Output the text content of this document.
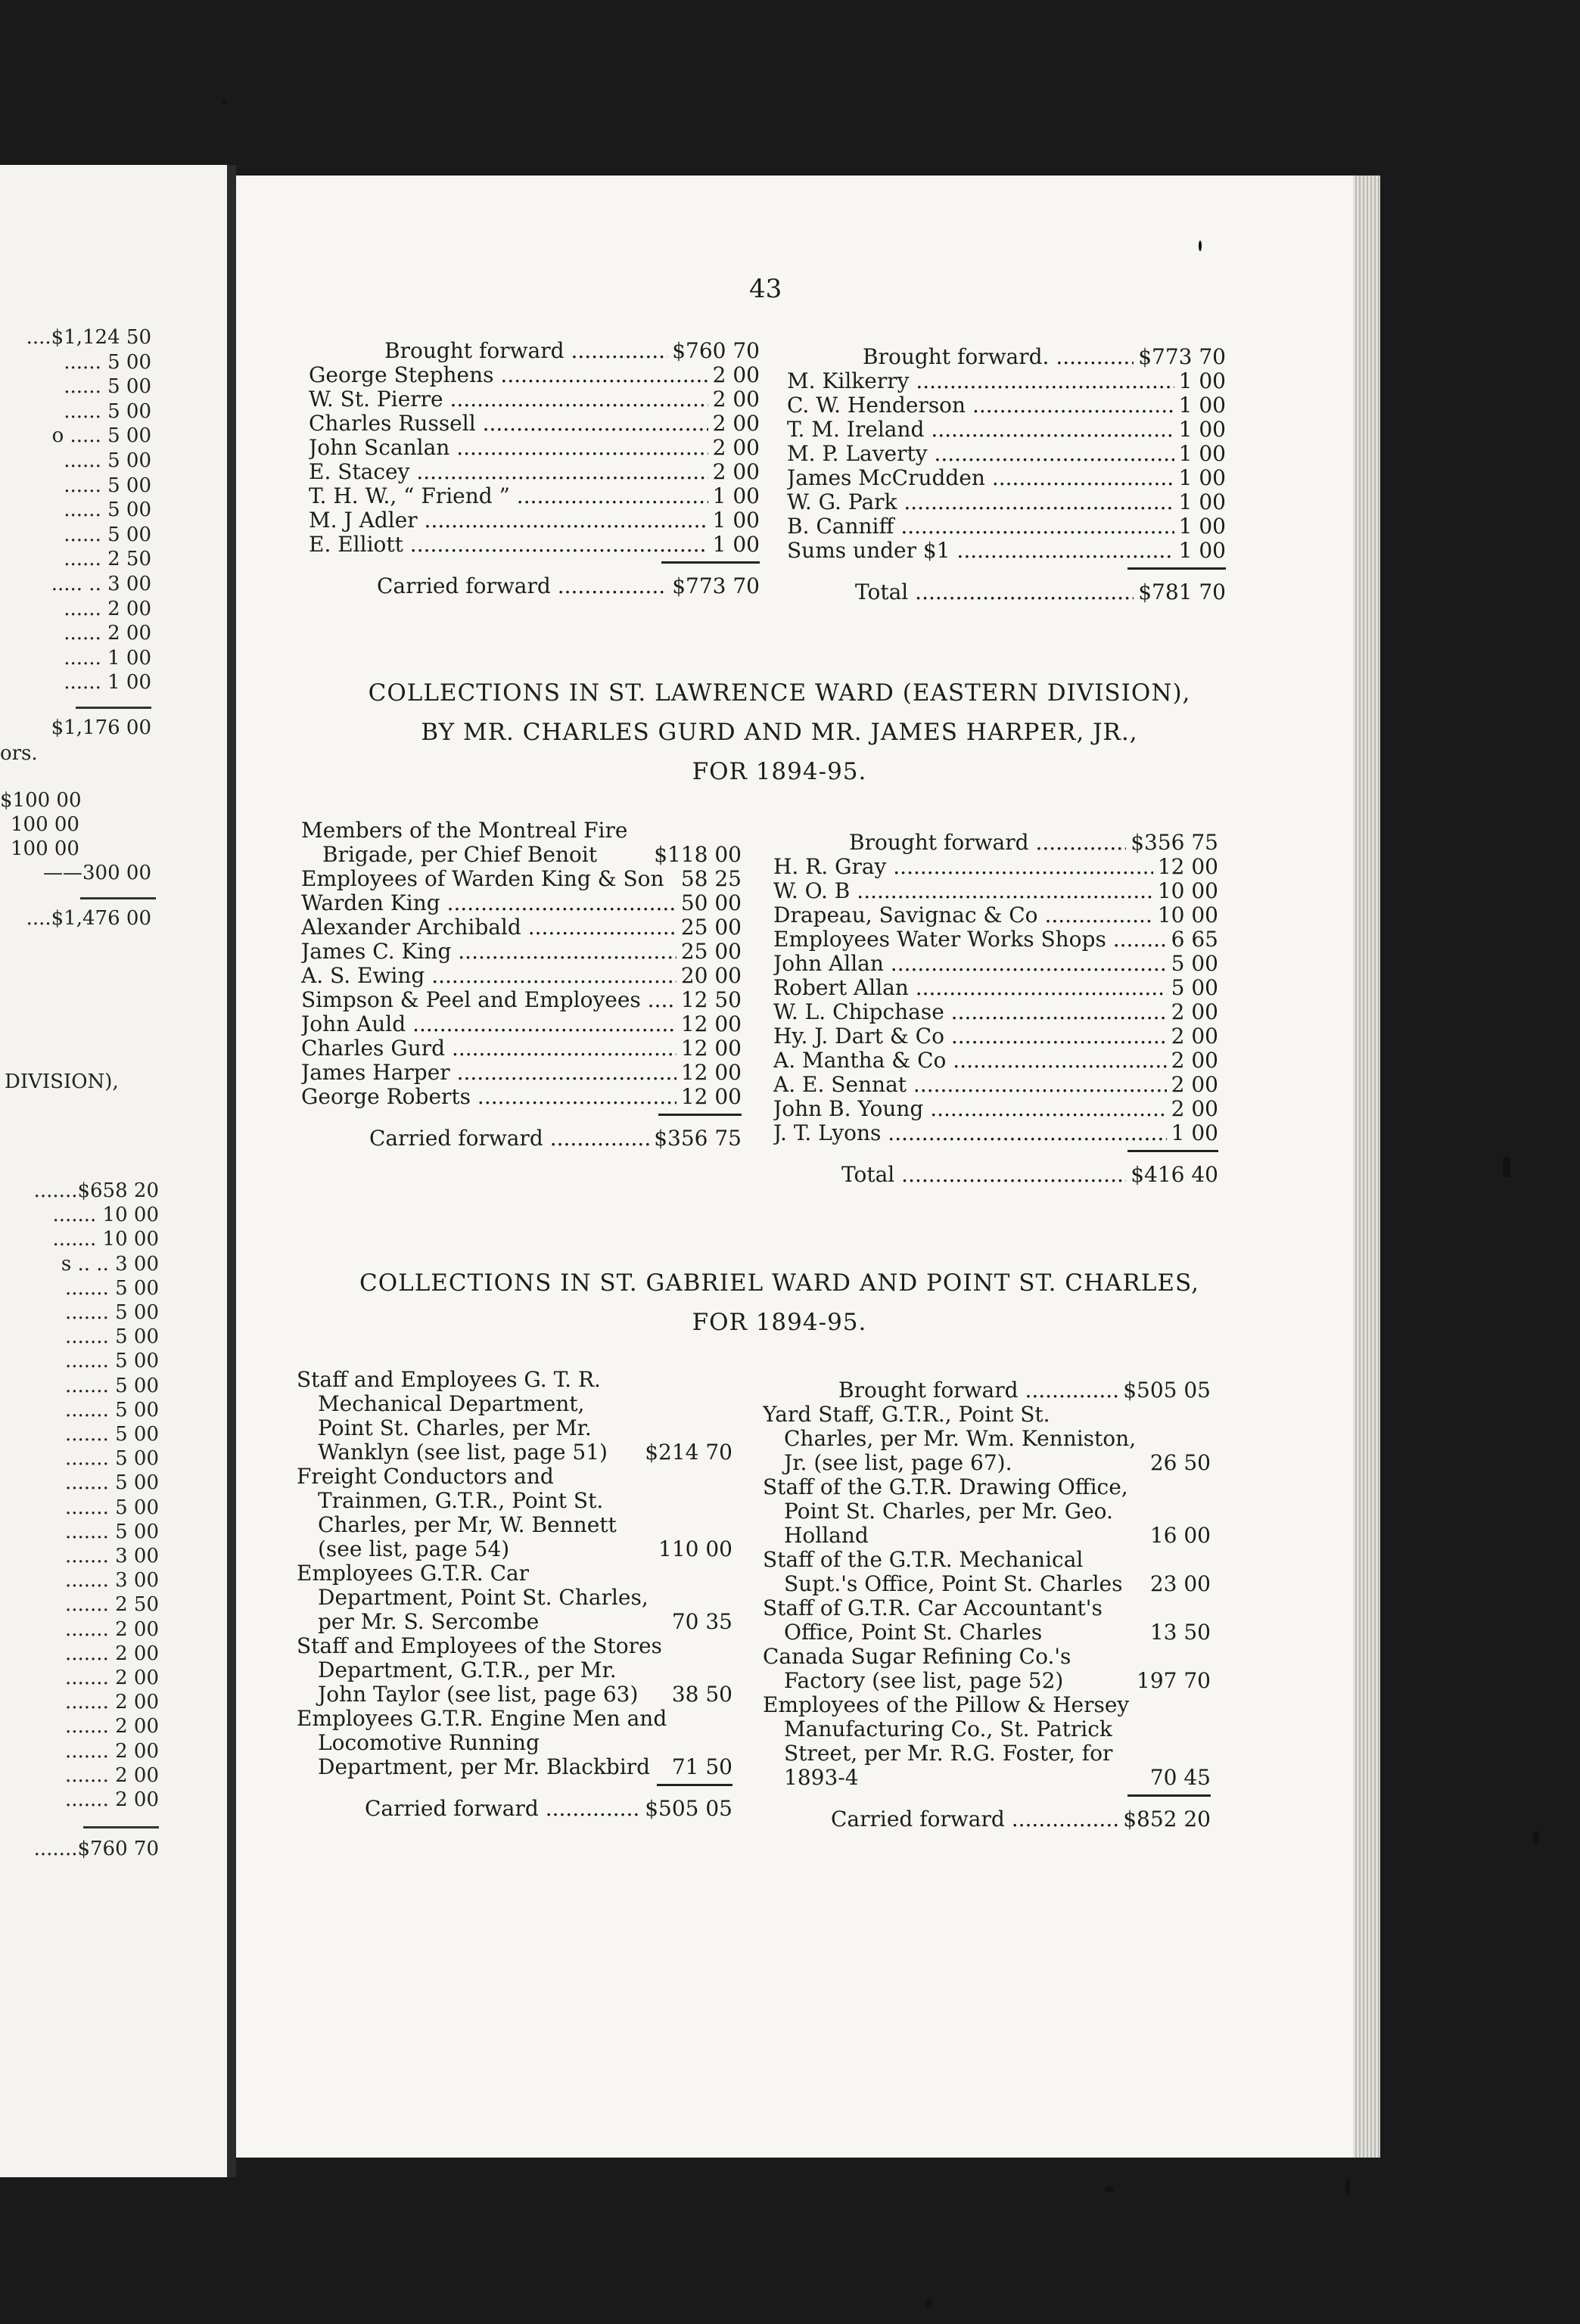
....$1,124 50
...... 5 00
...... 5 00
...... 5 00
o ..... 5 00
...... 5 00
...... 5 00
...... 5 00
...... 5 00
...... 2 50
..... .. 3 00
...... 2 00
...... 2 00
...... 1 00
...... 1 00
$1,176 00
ors.
$100 00
100 00
100 00
——300 00
....$1,476 00
DIVISION),
.......$658 20
....... 10 00
....... 10 00
s .. .. 3 00
....... 5 00
....... 5 00
....... 5 00
....... 5 00
....... 5 00
....... 5 00
....... 5 00
....... 5 00
....... 5 00
....... 5 00
....... 5 00
....... 3 00
....... 3 00
....... 2 50
....... 2 00
....... 2 00
....... 2 00
....... 2 00
....... 2 00
....... 2 00
....... 2 00
....... 2 00
.......$760 70
43
Brought forward .....	$760 70
George Stephens .....	2 00
W. St. Pierre .....	2 00
Charles Russell .....	2 00
John Scanlan .....	2 00
E. Stacey .....	2 00
T. H. W., “ Friend ” .....	1 00
M. J Adler .....	1 00
E. Elliott .....	1 00
Carried forward .....	$773 70
Brought forward. .....	$773 70
M. Kilkerry .....	1 00
C. W. Henderson .....	1 00
T. M. Ireland .....	1 00
M. P. Laverty .....	1 00
James McCrudden .....	1 00
W. G. Park .....	1 00
B. Canniff .....	1 00
Sums under $1 .....	1 00
Total .....	$781 70
COLLECTIONS IN ST. LAWRENCE WARD (EASTERN DIVISION),
BY MR. CHARLES GURD AND MR. JAMES HARPER, JR.,
FOR 1894-95.
Members of the Montreal Fire Brigade, per Chief Benoit	$118 00
Employees of Warden King & Son 58 25
Warden King .....	50 00
Alexander Archibald .....	25 00
James C. King .....	25 00
A. S. Ewing .....	20 00
Simpson & Peel and Employees .....	12 50
John Auld .....	12 00
Charles Gurd .....	12 00
James Harper .....	12 00
George Roberts .....	12 00
Carried forward .....	$356 75
Brought forward .....	$356 75
H. R. Gray .....	12 00
W. O. B .....	10 00
Drapeau, Savignac & Co .....	10 00
Employees Water Works Shops .....	6 65
John Allan .....	5 00
Robert Allan .....	5 00
W. L. Chipchase .....	2 00
Hy. J. Dart & Co .....	2 00
A. Mantha & Co .....	2 00
A. E. Sennat .....	2 00
John B. Young .....	2 00
J. T. Lyons .....	1 00
Total .....	$416 40
COLLECTIONS IN ST. GABRIEL WARD AND POINT ST. CHARLES,
FOR 1894-95.
Staff and Employees G. T. R. Mechanical Department, Point St. Charles, per Mr. Wanklyn (see list, page 51)	$214 70
Freight Conductors and Trainmen, G.T.R., Point St. Charles, per Mr, W. Bennett (see list, page 54)	110 00
Employees G.T.R. Car Department, Point St. Charles, per Mr. S. Sercombe	70 35
Staff and Employees of the Stores Department, G.T.R., per Mr. John Taylor (see list, page 63)	38 50
Employees G.T.R. Engine Men and Locomotive Running Department, per Mr. Blackbird	71 50
Carried forward .....	$505 05
Brought forward .....	$505 05
Yard Staff, G.T.R., Point St. Charles, per Mr. Wm. Kenniston, Jr. (see list, page 67).	26 50
Staff of the G.T.R. Drawing Office, Point St. Charles, per Mr. Geo. Holland	16 00
Staff of the G.T.R. Mechanical Supt.'s Office, Point St. Charles	23 00
Staff of G.T.R. Car Accountant's Office, Point St. Charles	13 50
Canada Sugar Refining Co.'s Factory (see list, page 52)	197 70
Employees of the Pillow & Hersey Manufacturing Co., St. Patrick Street, per Mr. R.G. Foster, for 1893-4	70 45
Carried forward .....	$852 20
